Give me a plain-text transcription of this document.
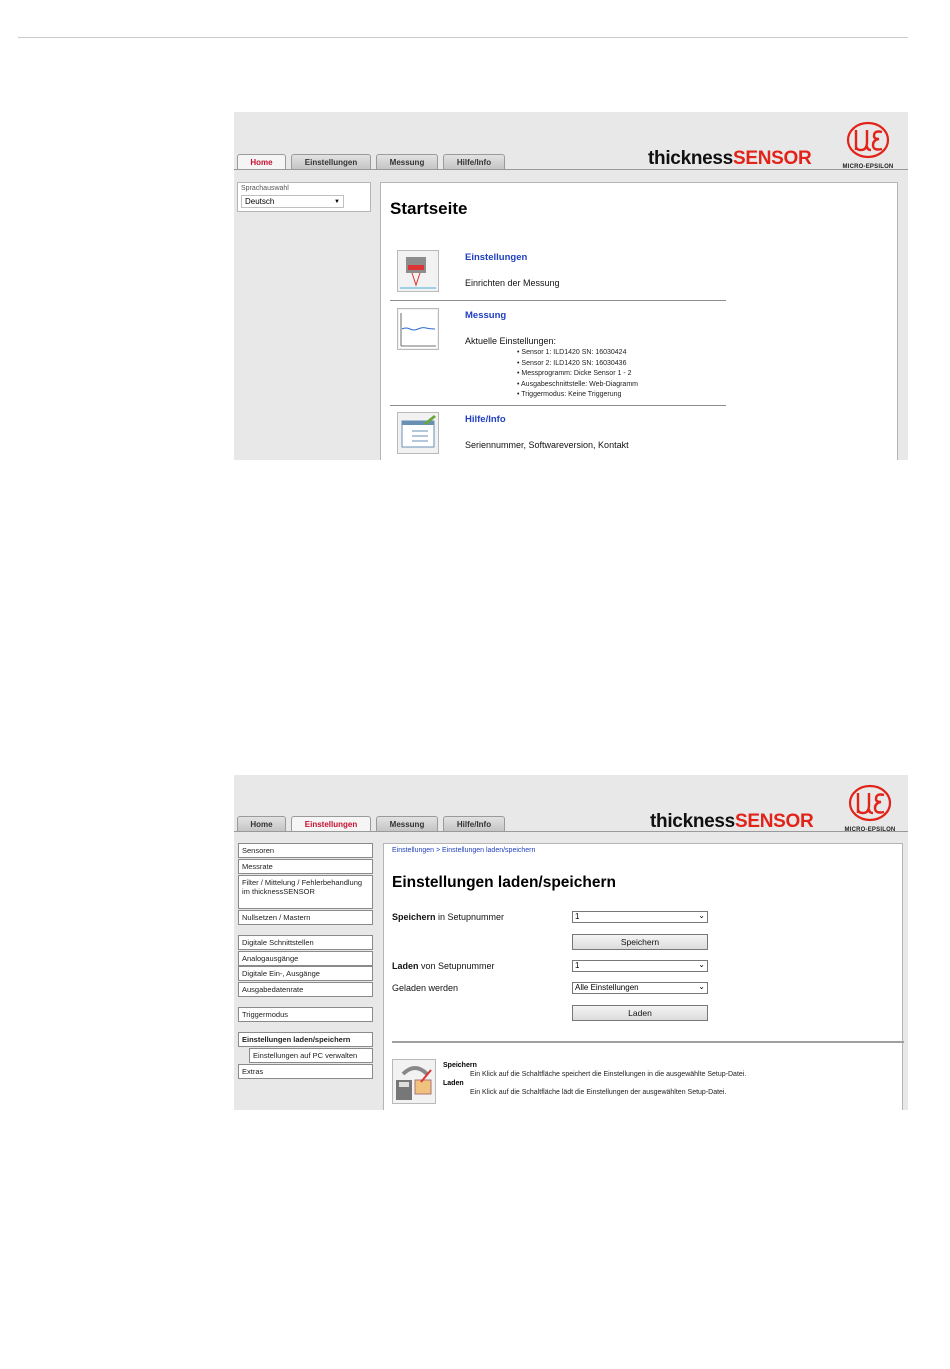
Home	Einstellungen	Messung	Hilfe/Info	thicknessSENSOR	MICRO-EPSILON
Sprachauswahl
Deutsch	▼	Startseite
Einstellungen
Einrichten der Messung
Messung
Aktuelle Einstellungen:
• Sensor 1: ILD1420 SN: 16030424
• Sensor 2: ILD1420 SN: 16030436
• Messprogramm: Dicke Sensor 1 - 2
• Ausgabeschnittstelle: Web-Diagramm
• Triggermodus: Keine Triggerung
Hilfe/Info
Seriennummer, Softwareversion, Kontakt
Home	Einstellungen	Messung	Hilfe/Info	thicknessSENSOR	MICRO-EPSILON
Sensoren
Messrate
Filter / Mittelung / Fehlerbehandlung im thicknessSENSOR
Nullsetzen / Mastern
Digitale Schnittstellen
Analogausgänge
Digitale Ein-, Ausgänge
Ausgabedatenrate
Triggermodus
Einstellungen laden/speichern
Einstellungen auf PC verwalten
Extras
Einstellungen > Einstellungen laden/speichern
Einstellungen laden/speichern
Speichern in Setupnummer	1	⌄
Speichern
Laden von Setupnummer	1	⌄
Geladen werden	Alle Einstellungen	⌄
Laden
Speichern
Ein Klick auf die Schaltfläche speichert die Einstellungen in die ausgewählte Setup-Datei.
Laden
Ein Klick auf die Schaltfläche lädt die Einstellungen der ausgewählten Setup-Datei.
